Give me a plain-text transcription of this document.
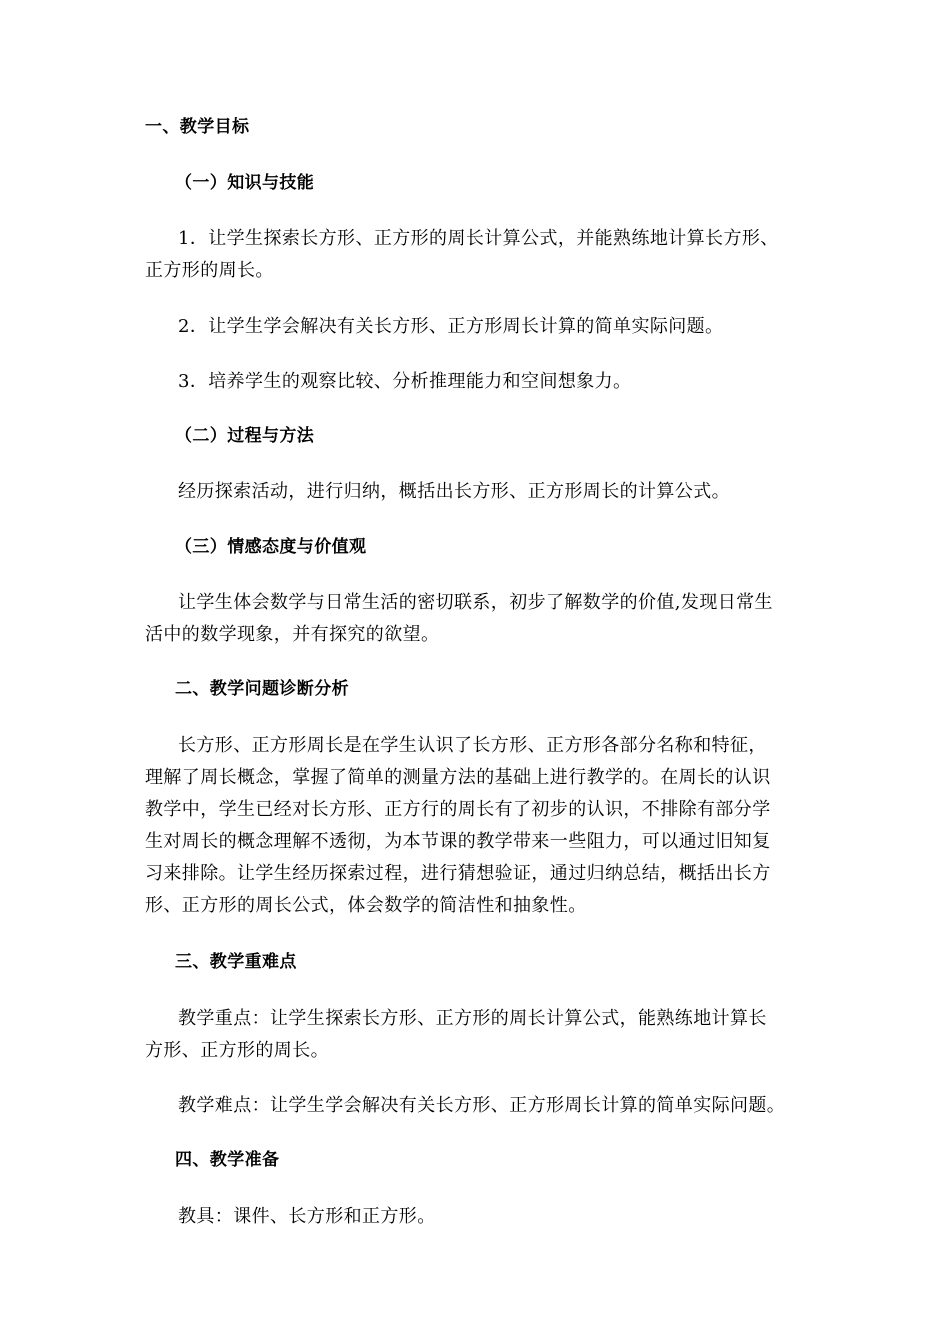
一、教学目标
（一）知识与技能
1．让学生探索长方形、正方形的周长计算公式，并能熟练地计算长方形、
正方形的周长。
2．让学生学会解决有关长方形、正方形周长计算的简单实际问题。
3．培养学生的观察比较、分析推理能力和空间想象力。
（二）过程与方法
经历探索活动，进行归纳，概括出长方形、正方形周长的计算公式。
（三）情感态度与价值观
让学生体会数学与日常生活的密切联系，初步了解数学的价值,发现日常生
活中的数学现象，并有探究的欲望。
二、教学问题诊断分析
长方形、正方形周长是在学生认识了长方形、正方形各部分名称和特征，
理解了周长概念，掌握了简单的测量方法的基础上进行教学的。在周长的认识
教学中，学生已经对长方形、正方行的周长有了初步的认识，不排除有部分学
生对周长的概念理解不透彻，为本节课的教学带来一些阻力，可以通过旧知复
习来排除。让学生经历探索过程，进行猜想验证，通过归纳总结，概括出长方
形、正方形的周长公式，体会数学的简洁性和抽象性。
三、教学重难点
教学重点：让学生探索长方形、正方形的周长计算公式，能熟练地计算长
方形、正方形的周长。
教学难点：让学生学会解决有关长方形、正方形周长计算的简单实际问题。
四、教学准备
教具：课件、长方形和正方形。
